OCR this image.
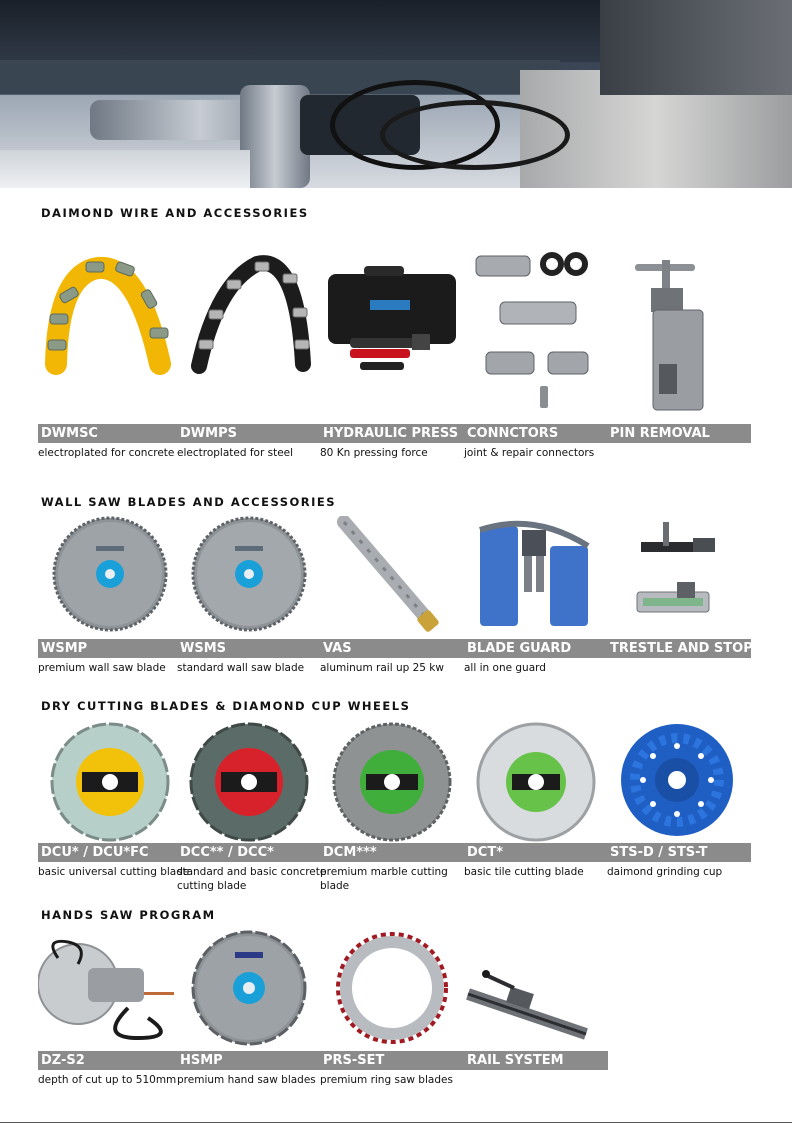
DAIMOND WIRE AND ACCESSORIES
DWMSC
electroplated for concrete
DWMPS
electroplated for steel
HYDRAULIC PRESS
80 Kn pressing force
CONNCTORS
joint & repair connectors
PIN REMOVAL
WALL SAW BLADES AND ACCESSORIES
WSMP
premium wall saw blade
WSMS
standard wall saw blade
VAS
aluminum rail up 25 kw
BLADE GUARD
all in one guard
TRESTLE AND STOPER
DRY CUTTING BLADES & DIAMOND CUP WHEELS
DCU* / DCU*FC
basic universal cutting blade
DCC** / DCC*
standard and basic concrete cutting blade
DCM***
premium marble cutting blade
DCT*
basic tile cutting blade
STS-D / STS-T
daimond grinding cup
HANDS SAW PROGRAM
DZ-S2
depth of cut up to 510mm
HSMP
premium hand saw blades
PRS-SET
premium ring saw blades
RAIL SYSTEM
